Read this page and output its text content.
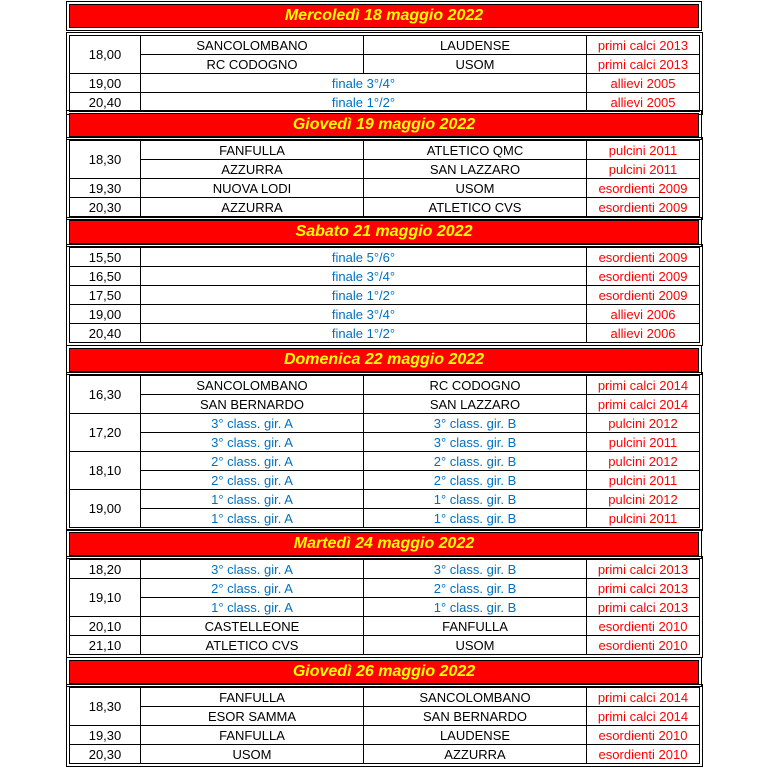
Mercoledì 18 maggio 2022
18,00	SANCOLOMBANO	LAUDENSE	primi calci 2013
	RC CODOGNO	USOM	primi calci 2013
19,00	finale 3°/4°		allievi 2005
20,40	finale 1°/2°		allievi 2005
Giovedì 19 maggio 2022
18,30	FANFULLA	ATLETICO QMC	pulcini 2011
	AZZURRA	SAN LAZZARO	pulcini 2011
19,30	NUOVA LODI	USOM	esordienti 2009
20,30	AZZURRA	ATLETICO CVS	esordienti 2009
Sabato 21 maggio 2022
15,50	finale 5°/6°	esordienti 2009
16,50	finale 3°/4°	esordienti 2009
17,50	finale 1°/2°	esordienti 2009
19,00	finale 3°/4°	allievi 2006
20,40	finale 1°/2°	allievi 2006
Domenica 22 maggio 2022
16,30	SANCOLOMBANO	RC CODOGNO	primi calci 2014
	SAN BERNARDO	SAN LAZZARO	primi calci 2014
17,20	3° class. gir. A	3° class. gir. B	pulcini 2012
	3° class. gir. A	3° class. gir. B	pulcini 2011
18,10	2° class. gir. A	2° class. gir. B	pulcini 2012
	2° class. gir. A	2° class. gir. B	pulcini 2011
19,00	1° class. gir. A	1° class. gir. B	pulcini 2012
	1° class. gir. A	1° class. gir. B	pulcini 2011
Martedì 24 maggio 2022
18,20	3° class. gir. A	3° class. gir. B	primi calci 2013
19,10	2° class. gir. A	2° class. gir. B	primi calci 2013
	1° class. gir. A	1° class. gir. B	primi calci 2013
20,10	CASTELLEONE	FANFULLA	esordienti 2010
21,10	ATLETICO CVS	USOM	esordienti 2010
Giovedì 26 maggio 2022
18,30	FANFULLA	SANCOLOMBANO	primi calci 2014
	ESOR SAMMA	SAN BERNARDO	primi calci 2014
19,30	FANFULLA	LAUDENSE	esordienti 2010
20,30	USOM	AZZURRA	esordienti 2010
